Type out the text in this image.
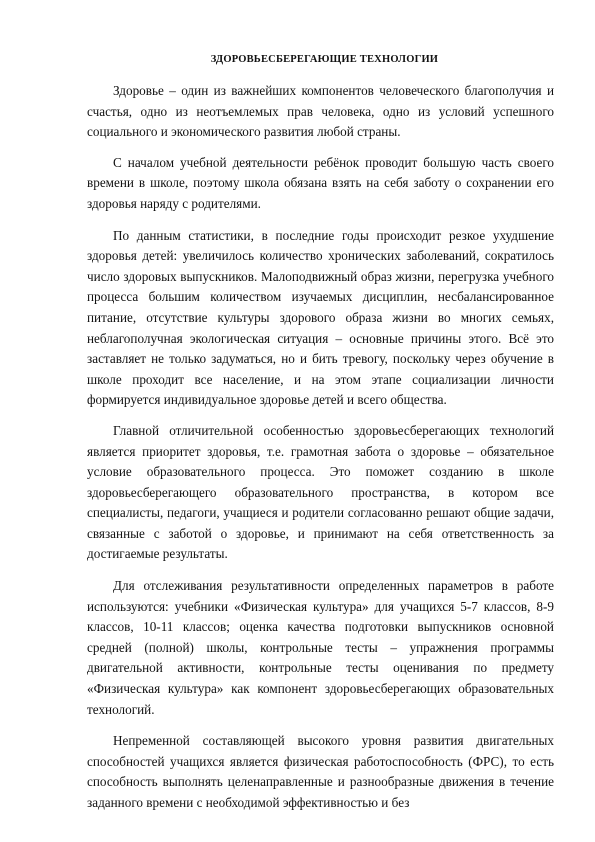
ЗДОРОВЬЕСБЕРЕГАЮЩИЕ ТЕХНОЛОГИИ

Здоровье – один из важнейших компонентов человеческого благополучия и счастья, одно из неотъемлемых прав человека, одно из условий успешного социального и экономического развития любой страны.

С началом учебной деятельности ребёнок проводит большую часть своего времени в школе, поэтому школа обязана взять на себя заботу о сохранении его здоровья наряду с родителями.

По данным статистики, в последние годы происходит резкое ухудшение здоровья детей: увеличилось количество хронических заболеваний, сократилось число здоровых выпускников. Малоподвижный образ жизни, перегрузка учебного процесса большим количеством изучаемых дисциплин, несбалансированное питание, отсутствие культуры здорового образа жизни во многих семьях, неблагополучная экологическая ситуация – основные причины этого. Всё это заставляет не только задуматься, но и бить тревогу, поскольку через обучение в школе проходит все население, и на этом этапе социализации личности формируется индивидуальное здоровье детей и всего общества.

Главной отличительной особенностью здоровьесберегающих технологий является приоритет здоровья, т.е. грамотная забота о здоровье – обязательное условие образовательного процесса. Это поможет созданию в школе здоровьесберегающего образовательного пространства, в котором все специалисты, педагоги, учащиеся и родители согласованно решают общие задачи, связанные с заботой о здоровье, и принимают на себя ответственность за достигаемые результаты.

Для отслеживания результативности определенных параметров в работе используются: учебники «Физическая культура» для учащихся 5-7 классов, 8-9 классов, 10-11 классов; оценка качества подготовки выпускников основной средней (полной) школы, контрольные тесты – упражнения программы двигательной активности, контрольные тесты оценивания по предмету «Физическая культура» как компонент здоровьесберегающих образовательных технологий.

Непременной составляющей высокого уровня развития двигательных способностей учащихся является физическая работоспособность (ФРС), то есть способность выполнять целенаправленные и разнообразные движения в течение заданного времени с необходимой эффективностью и без
